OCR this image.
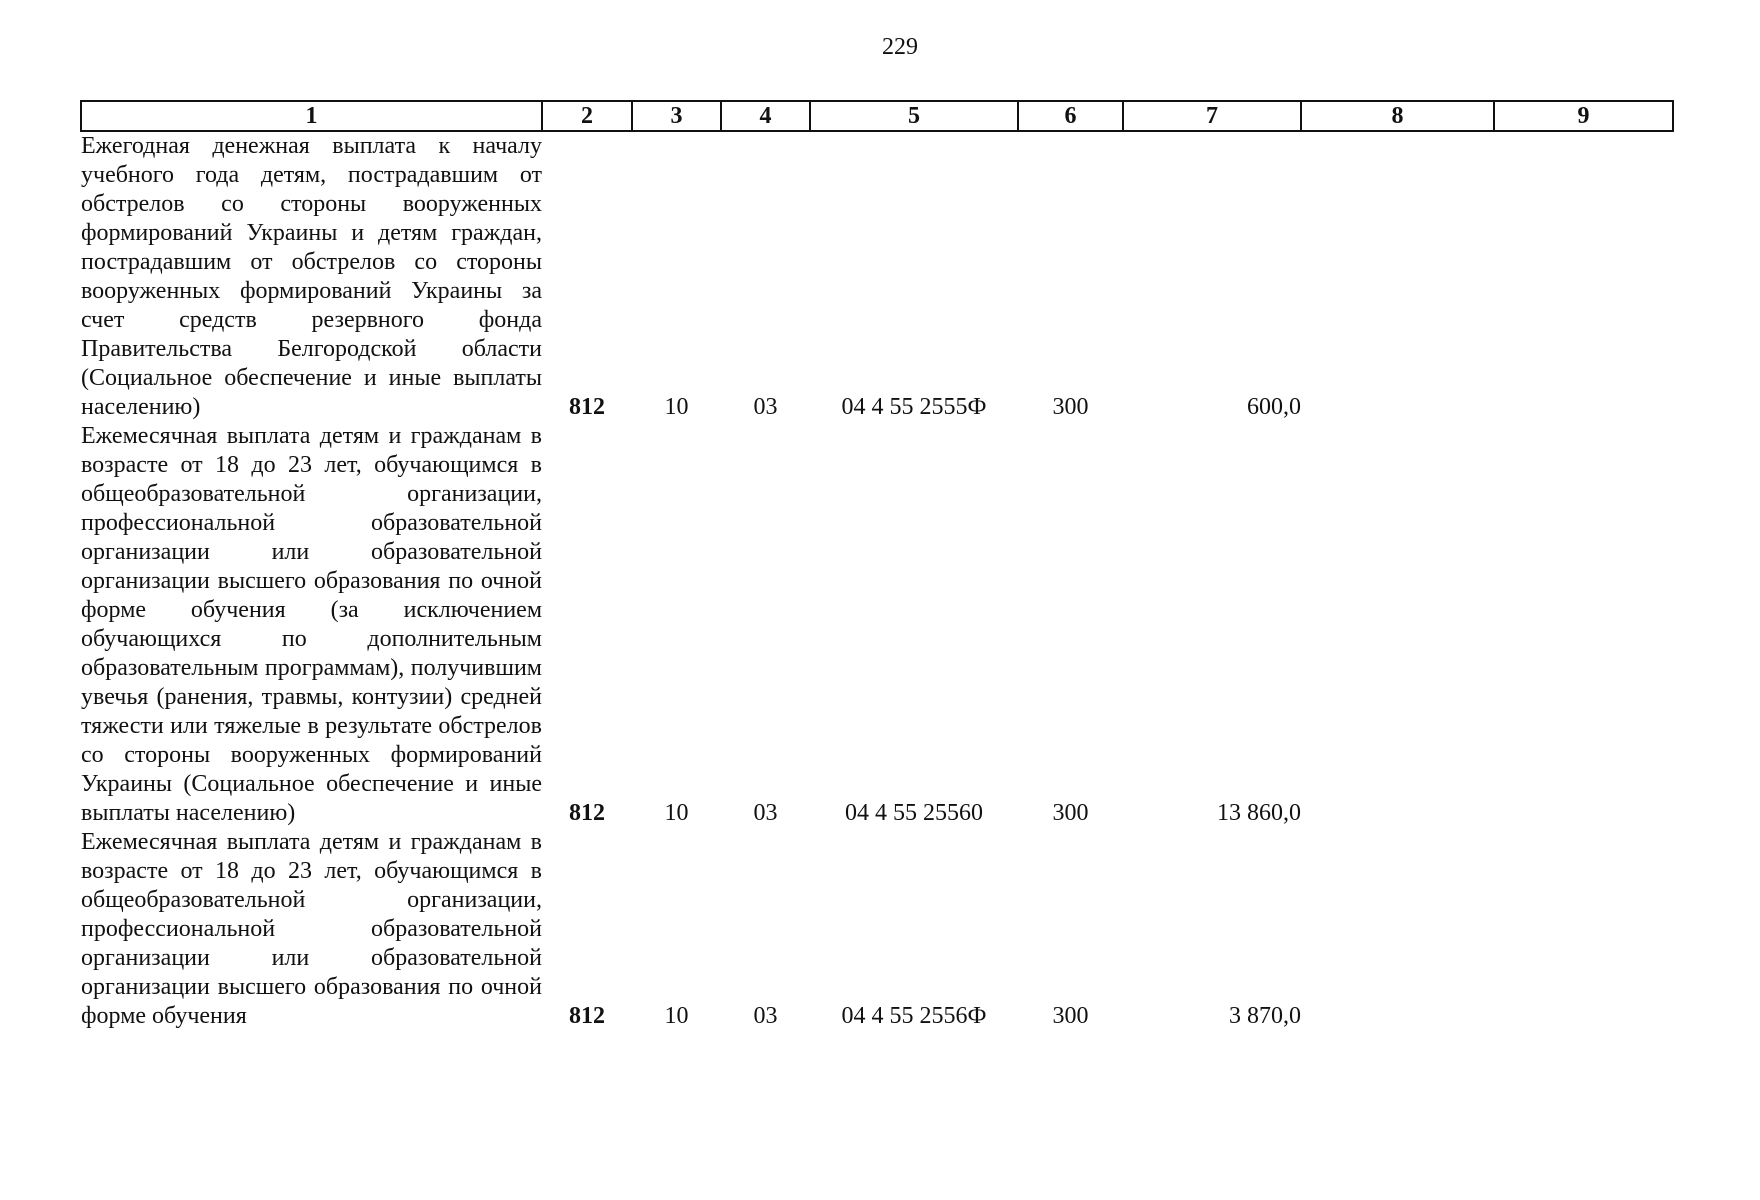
229
1	2	3	4	5	6	7	8	9
Ежегодная денежная выплата к началу учебного года детям, пострадавшим от обстрелов со стороны вооруженных формирований Украины и детям граждан, пострадавшим от обстрелов со стороны вооруженных формирований Украины за счет средств резервного фонда Правительства Белгородской области (Социальное обеспечение и иные выплаты населению)	812	10	03	04 4 55 2555Ф	300	600,0		
Ежемесячная выплата детям и гражданам в возрасте от 18 до 23 лет, обучающимся в общеобразовательной организации, профессиональной образовательной организации или образовательной организации высшего образования по очной форме обучения (за исключением обучающихся по дополнительным образовательным программам), получившим увечья (ранения, травмы, контузии) средней тяжести или тяжелые в результате обстрелов со стороны вооруженных формирований Украины (Социальное обеспечение и иные выплаты населению)	812	10	03	04 4 55 25560	300	13 860,0		
Ежемесячная выплата детям и гражданам в возрасте от 18 до 23 лет, обучающимся в общеобразовательной организации, профессиональной образовательной организации или образовательной организации высшего образования по очной форме обучения	812	10	03	04 4 55 2556Ф	300	3 870,0		
